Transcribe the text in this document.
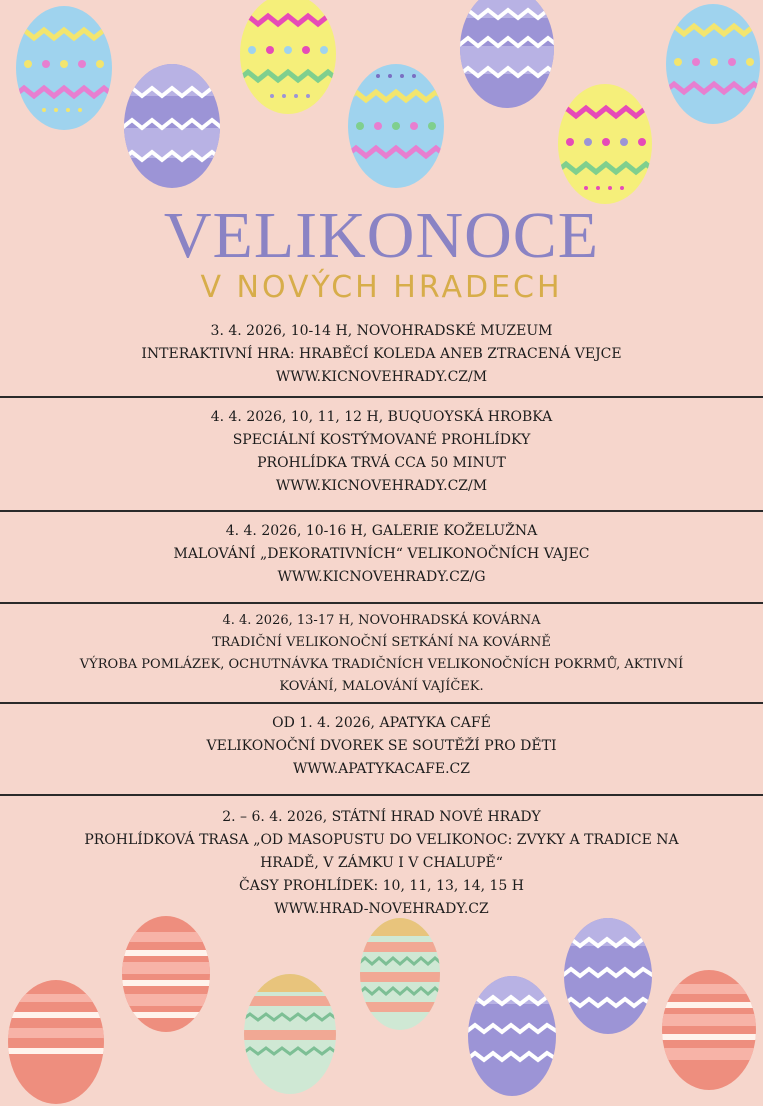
VELIKONOCE
V NOVÝCH HRADECH
3. 4. 2026, 10-14 H, NOVOHRADSKÉ MUZEUM
INTERAKTIVNÍ HRA: HRABĚCÍ KOLEDA ANEB ZTRACENÁ VEJCE
WWW.KICNOVEHRADY.CZ/M
4. 4. 2026, 10, 11, 12 H, BUQUOYSKÁ HROBKA
SPECIÁLNÍ KOSTÝMOVANÉ PROHLÍDKY
PROHLÍDKA TRVÁ CCA 50 MINUT
WWW.KICNOVEHRADY.CZ/M
4. 4. 2026, 10-16 H, GALERIE KOŽELUŽNA
MALOVÁNÍ „DEKORATIVNÍCH“ VELIKONOČNÍCH VAJEC
WWW.KICNOVEHRADY.CZ/G
4. 4. 2026, 13-17 H, NOVOHRADSKÁ KOVÁRNA
TRADIČNÍ VELIKONOČNÍ SETKÁNÍ NA KOVÁRNĚ
VÝROBA POMLÁZEK, OCHUTNÁVKA TRADIČNÍCH VELIKONOČNÍCH POKRMŮ, AKTIVNÍ
KOVÁNÍ, MALOVÁNÍ VAJÍČEK.
OD 1. 4. 2026, APATYKA CAFÉ
VELIKONOČNÍ DVOREK SE SOUTĚŽÍ PRO DĚTI
WWW.APATYKACAFE.CZ
2. – 6. 4. 2026, STÁTNÍ HRAD NOVÉ HRADY
PROHLÍDKOVÁ TRASA „OD MASOPUSTU DO VELIKONOC: ZVYKY A TRADICE NA
HRADĚ, V ZÁMKU I V CHALUPĚ“
ČASY PROHLÍDEK: 10, 11, 13, 14, 15 H
WWW.HRAD-NOVEHRADY.CZ
